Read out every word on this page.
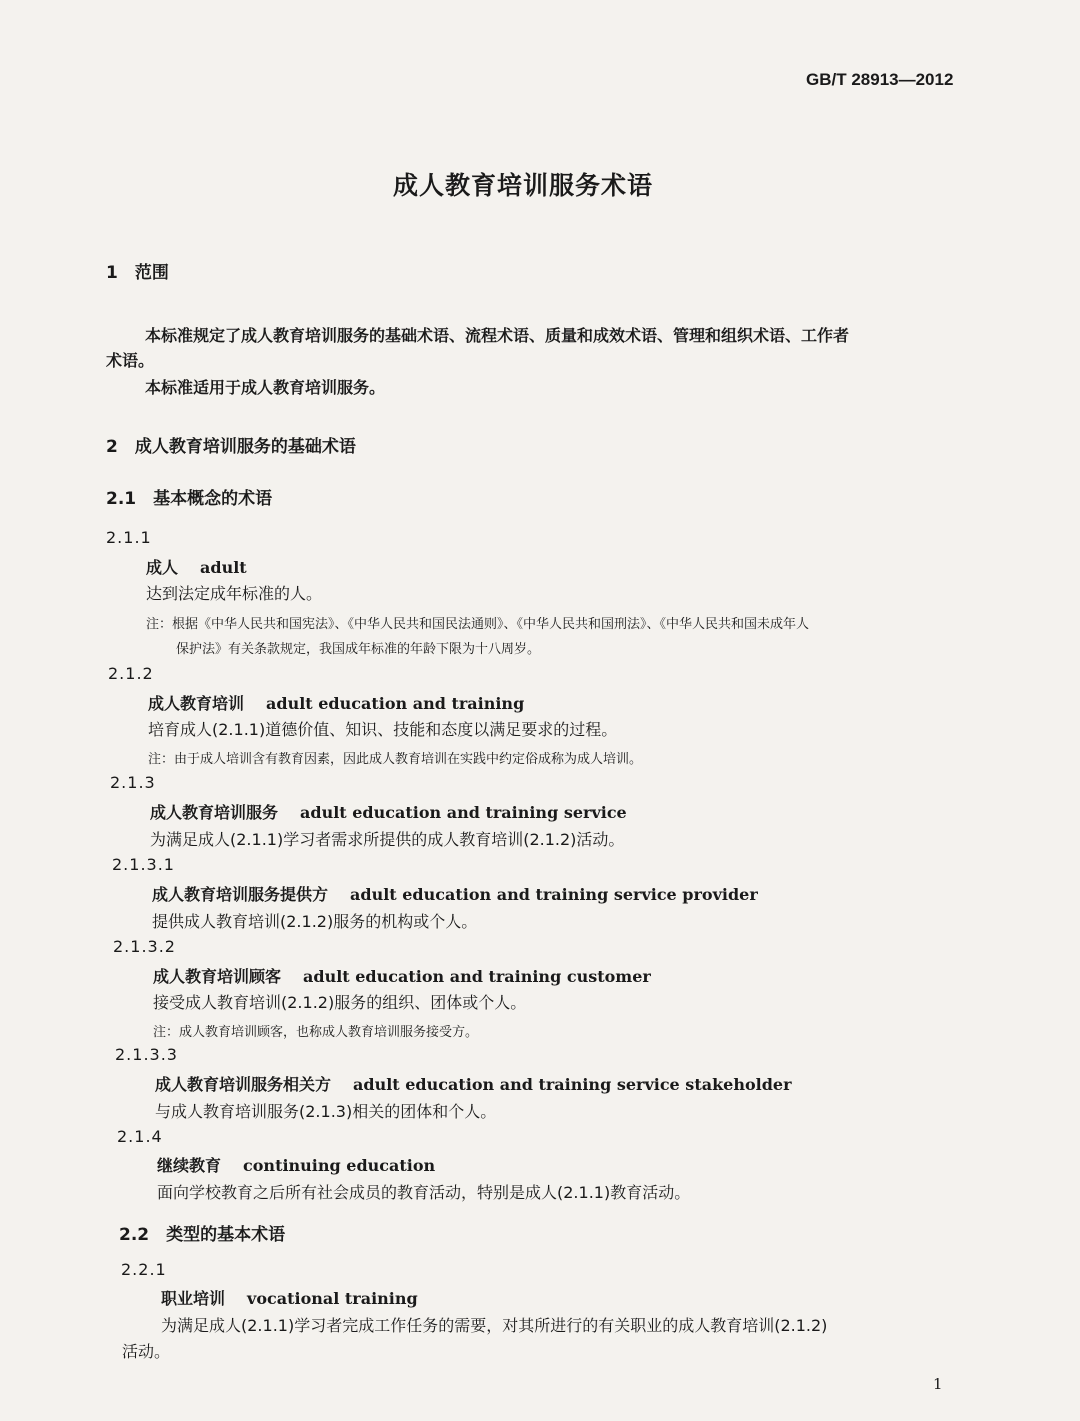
GB/T 28913—2012
成人教育培训服务术语
1　范围
本标准规定了成人教育培训服务的基础术语、流程术语、质量和成效术语、管理和组织术语、工作者
术语。
本标准适用于成人教育培训服务。
2　成人教育培训服务的基础术语
2.1　基本概念的术语
2.1.1
成人 adult
达到法定成年标准的人。
注：根据《中华人民共和国宪法》、《中华人民共和国民法通则》、《中华人民共和国刑法》、《中华人民共和国未成年人
保护法》有关条款规定，我国成年标准的年龄下限为十八周岁。
2.1.2
成人教育培训 adult education and training
培育成人(2.1.1)道德价值、知识、技能和态度以满足要求的过程。
注：由于成人培训含有教育因素，因此成人教育培训在实践中约定俗成称为成人培训。
2.1.3
成人教育培训服务 adult education and training service
为满足成人(2.1.1)学习者需求所提供的成人教育培训(2.1.2)活动。
2.1.3.1
成人教育培训服务提供方 adult education and training service provider
提供成人教育培训(2.1.2)服务的机构或个人。
2.1.3.2
成人教育培训顾客 adult education and training customer
接受成人教育培训(2.1.2)服务的组织、团体或个人。
注：成人教育培训顾客，也称成人教育培训服务接受方。
2.1.3.3
成人教育培训服务相关方 adult education and training service stakeholder
与成人教育培训服务(2.1.3)相关的团体和个人。
2.1.4
继续教育 continuing education
面向学校教育之后所有社会成员的教育活动，特别是成人(2.1.1)教育活动。
2.2　类型的基本术语
2.2.1
职业培训 vocational training
为满足成人(2.1.1)学习者完成工作任务的需要，对其所进行的有关职业的成人教育培训(2.1.2)
活动。
1
